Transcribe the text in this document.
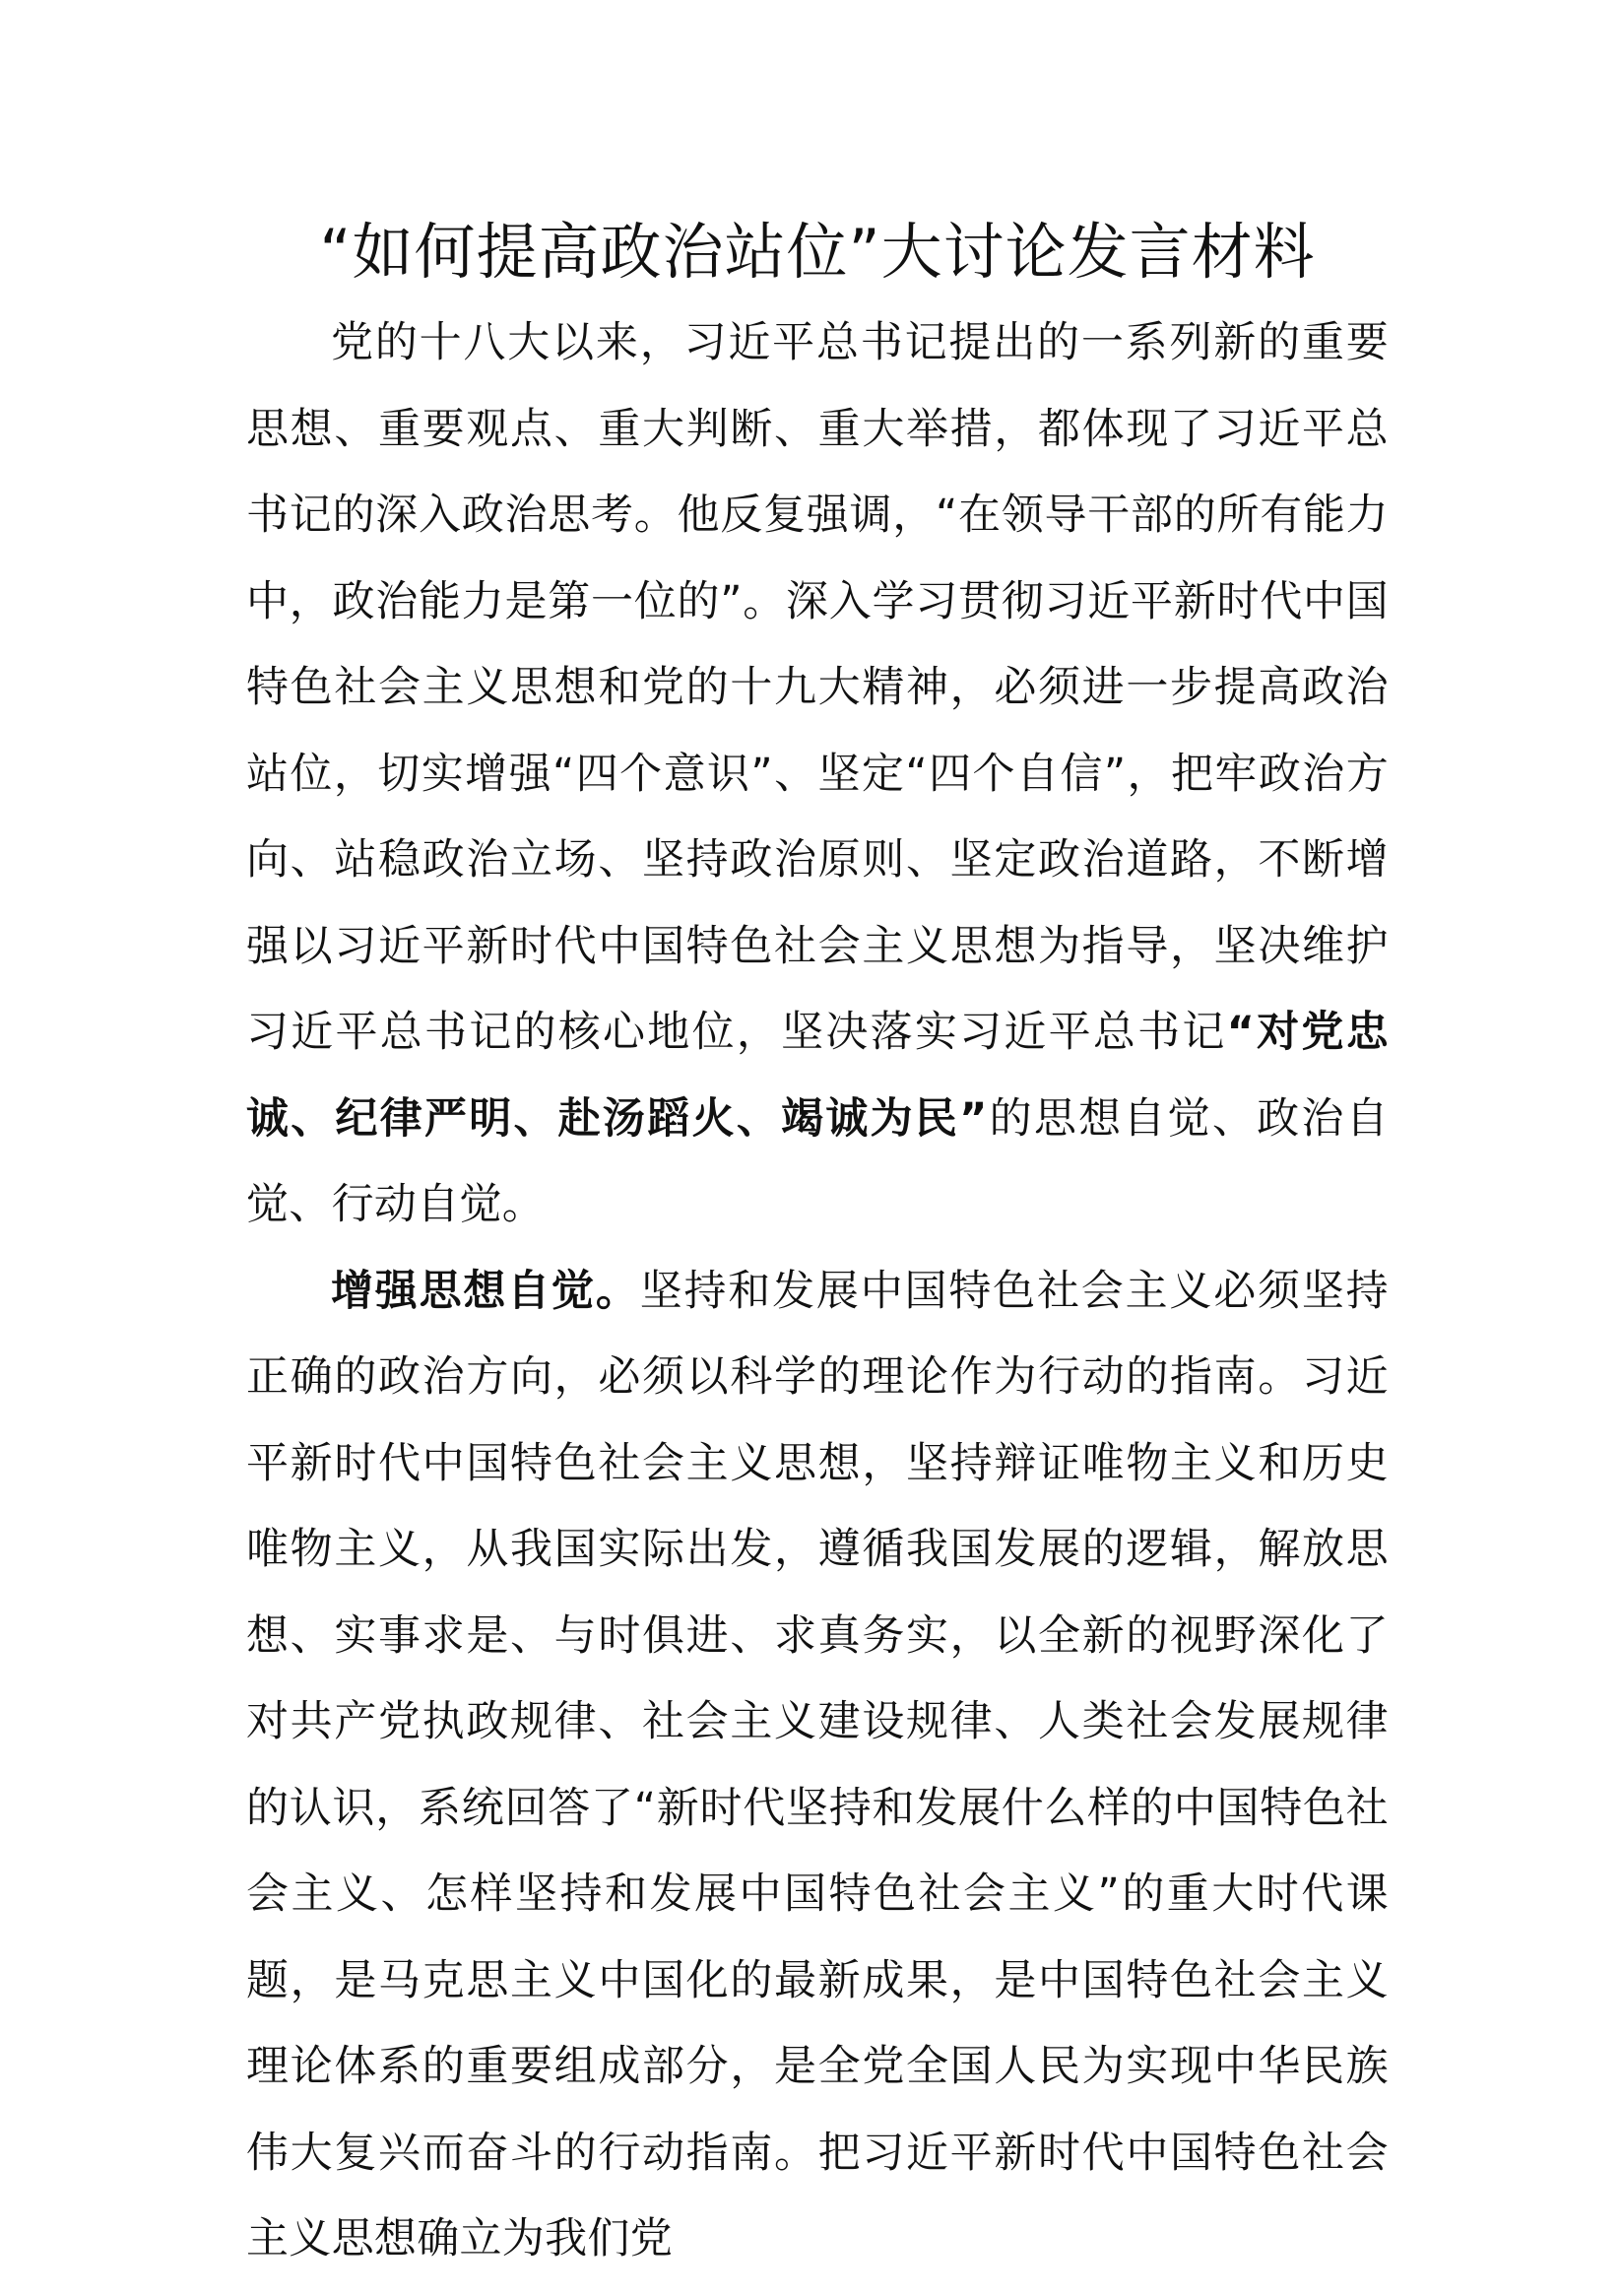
“如何提高政治站位”大讨论发言材料

党的十八大以来，习近平总书记提出的一系列新的重要思想、重要观点、重大判断、重大举措，都体现了习近平总书记的深入政治思考。他反复强调，“在领导干部的所有能力中，政治能力是第一位的”。深入学习贯彻习近平新时代中国特色社会主义思想和党的十九大精神，必须进一步提高政治站位，切实增强“四个意识”、坚定“四个自信”，把牢政治方向、站稳政治立场、坚持政治原则、坚定政治道路，不断增强以习近平新时代中国特色社会主义思想为指导，坚决维护习近平总书记的核心地位，坚决落实习近平总书记“对党忠诚、纪律严明、赴汤蹈火、竭诚为民”的思想自觉、政治自觉、行动自觉。

增强思想自觉。坚持和发展中国特色社会主义必须坚持正确的政治方向，必须以科学的理论作为行动的指南。习近平新时代中国特色社会主义思想，坚持辩证唯物主义和历史唯物主义，从我国实际出发，遵循我国发展的逻辑，解放思想、实事求是、与时俱进、求真务实，以全新的视野深化了对共产党执政规律、社会主义建设规律、人类社会发展规律的认识，系统回答了“新时代坚持和发展什么样的中国特色社会主义、怎样坚持和发展中国特色社会主义”的重大时代课题，是马克思主义中国化的最新成果，是中国特色社会主义理论体系的重要组成部分，是全党全国人民为实现中华民族伟大复兴而奋斗的行动指南。把习近平新时代中国特色社会主义思想确立为我们党
